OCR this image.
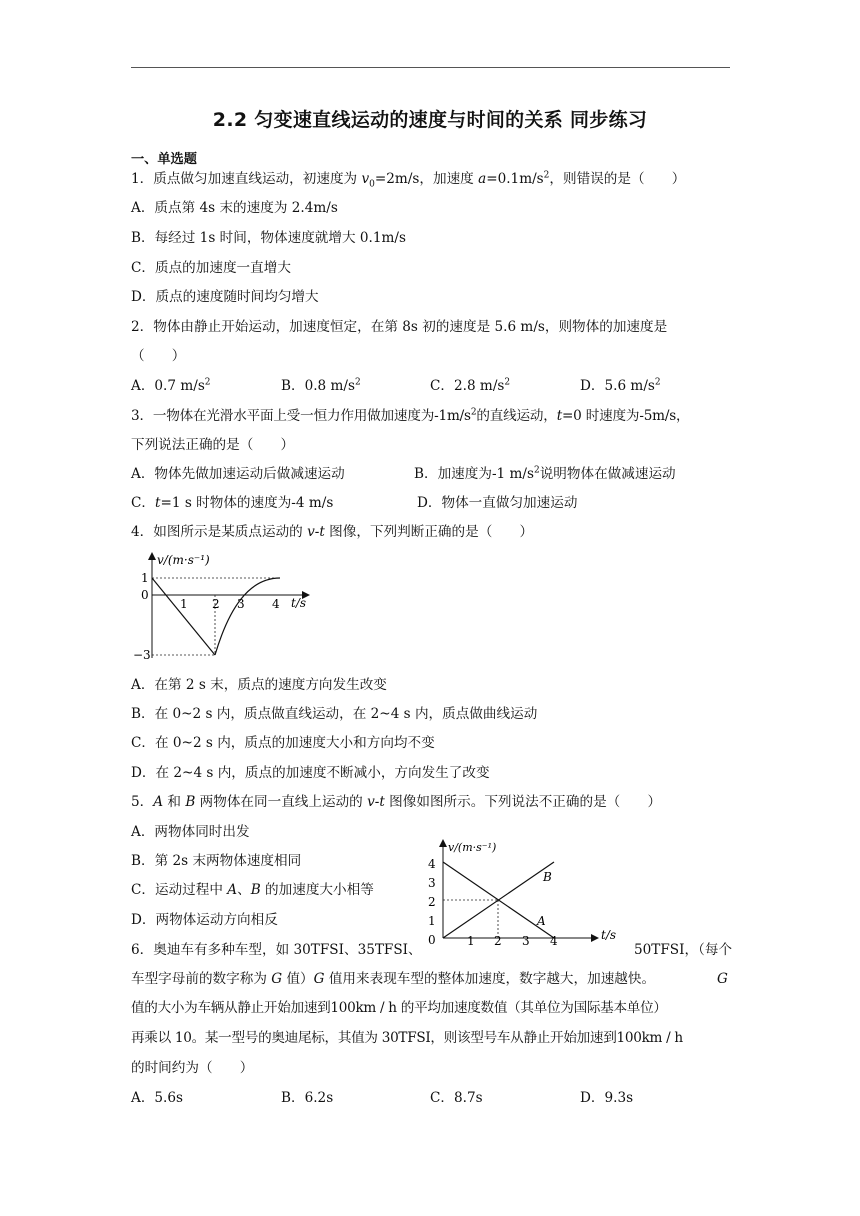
2.2 匀变速直线运动的速度与时间的关系 同步练习
一、单选题
1．质点做匀加速直线运动，初速度为 $v_0=2m/s$，加速度 $a=0.1m/s^2$，则错误的是（　　）
A．质点第 4s 末的速度为 2.4m/s
B．每经过 1s 时间，物体速度就增大 0.1m/s
C．质点的加速度一直增大
D．质点的速度随时间均匀增大
2．物体由静止开始运动，加速度恒定，在第 8s 初的速度是 5.6 m/s，则物体的加速度是
（　　）
A．0.7 $m/s^2$	B．0.8 $m/s^2$	C．2.8 $m/s^2$	D．5.6 $m/s^2$
3．一物体在光滑水平面上受一恒力作用做加速度为$-1m/s^2$的直线运动，t=0 时速度为-5m/s，
下列说法正确的是（　　）
A．物体先做加速运动后做减速运动	B．加速度为-1 $m/s^2$说明物体在做减速运动
C．t=1 s 时物体的速度为-4 m/s	D．物体一直做匀加速运动
4．如图所示是某质点运动的 v-t 图像，下列判断正确的是（　　）
v/(m·s⁻¹)
t/s
1
0
−3
1 2 3 4
A．在第 2 s 末，质点的速度方向发生改变
B．在 0~2 s 内，质点做直线运动，在 2~4 s 内，质点做曲线运动
C．在 0~2 s 内，质点的加速度大小和方向均不变
D．在 2~4 s 内，质点的加速度不断减小，方向发生了改变
5．A 和 B 两物体在同一直线上运动的 v-t 图像如图所示。下列说法不正确的是（　　）
A．两物体同时出发
B．第 2s 末两物体速度相同
C．运动过程中 A、B 的加速度大小相等
D．两物体运动方向相反
v/(m·s⁻¹)
t/s
4
3
2
1
0	1 2 3 4
B
A
6．奥迪车有多种车型，如 30TFSI、35TFSI、	50TFSI，（每个
车型字母前的数字称为 G 值）G 值用来表现车型的整体加速度，数字越大，加速越快。	G
值的大小为车辆从静止开始加速到100km / h 的平均加速度数值（其单位为国际基本单位）
再乘以 10。某一型号的奥迪尾标，其值为 30TFSI，则该型号车从静止开始加速到100km / h
的时间约为（　　）
A．5.6s	B．6.2s	C．8.7s	D．9.3s
